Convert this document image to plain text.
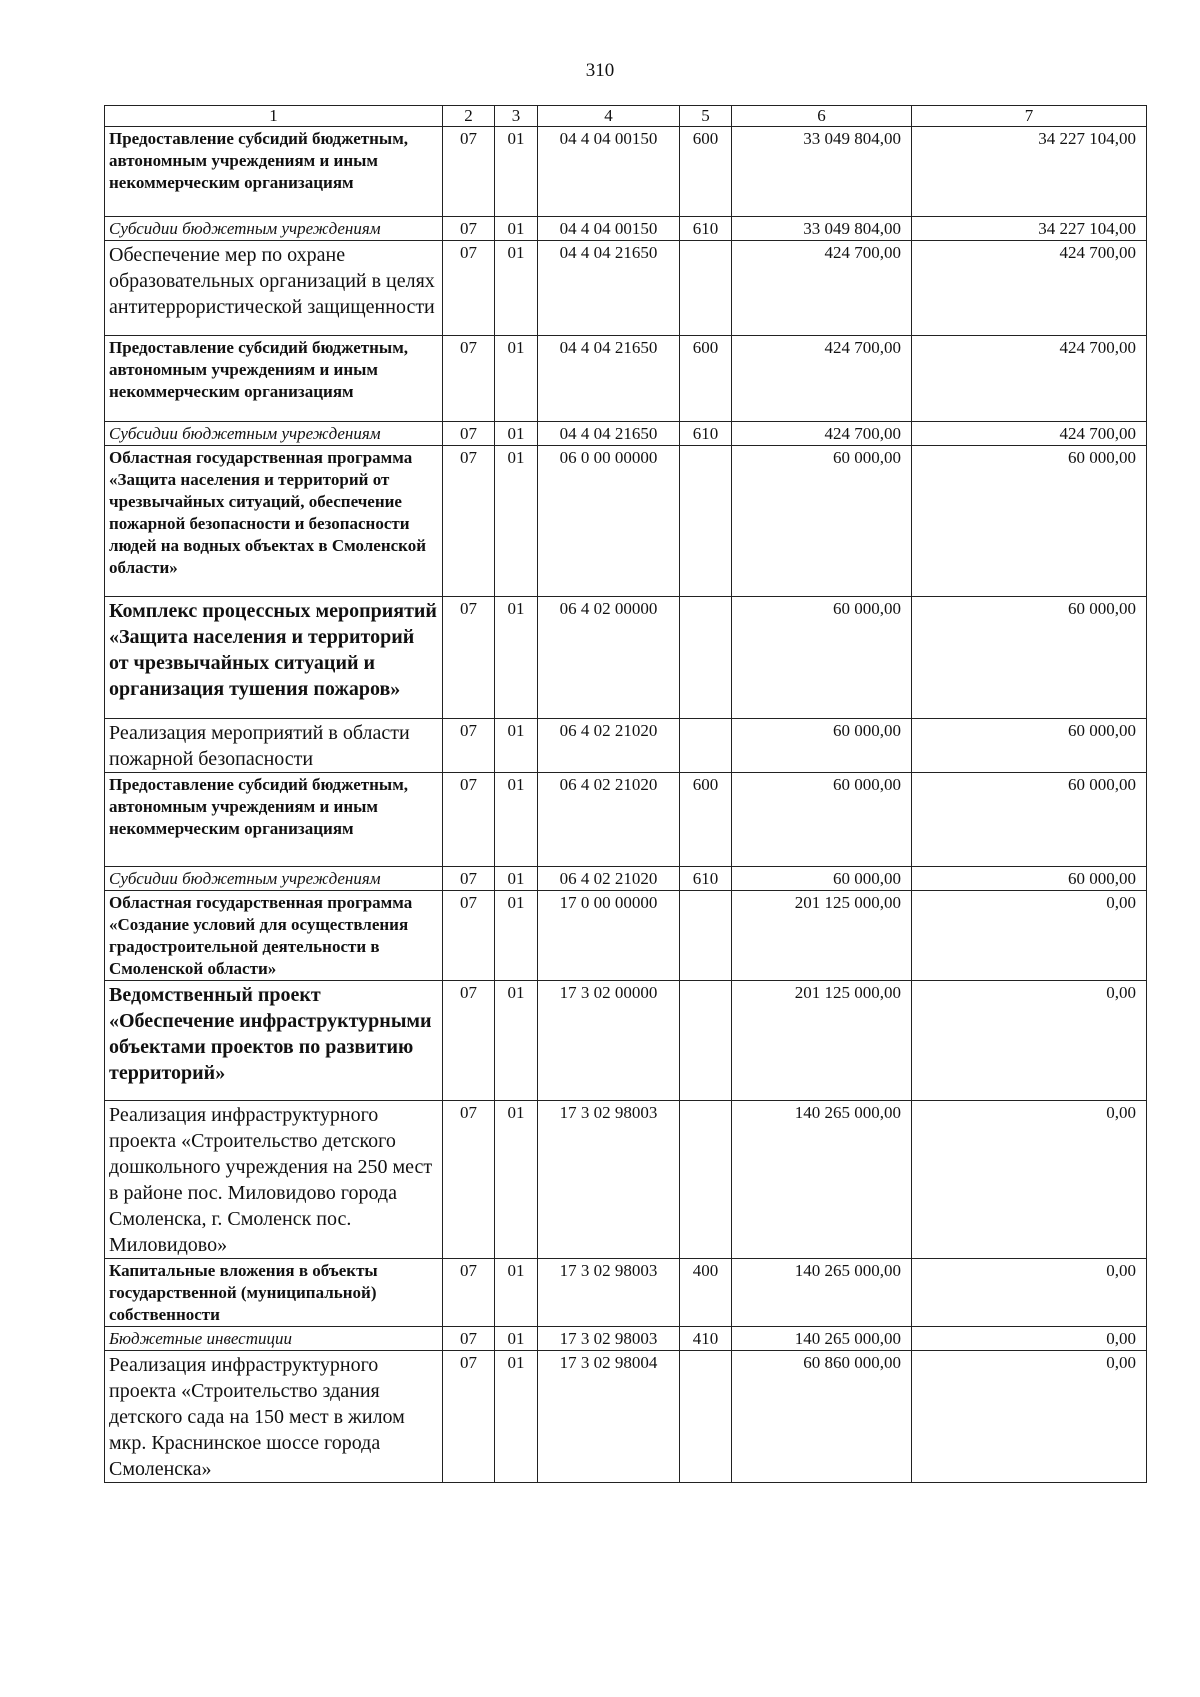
310
1	2	3	4	5	6	7
Предоставление субсидий бюджетным, автономным учреждениям и иным некоммерческим организациям	07	01	04 4 04 00150	600	33 049 804,00	34 227 104,00
Субсидии бюджетным учреждениям	07	01	04 4 04 00150	610	33 049 804,00	34 227 104,00
Обеспечение мер по охране образовательных организаций в целях антитеррористической защищенности	07	01	04 4 04 21650		424 700,00	424 700,00
Предоставление субсидий бюджетным, автономным учреждениям и иным некоммерческим организациям	07	01	04 4 04 21650	600	424 700,00	424 700,00
Субсидии бюджетным учреждениям	07	01	04 4 04 21650	610	424 700,00	424 700,00
Областная государственная программа «Защита населения и территорий от чрезвычайных ситуаций, обеспечение пожарной безопасности и безопасности людей на водных объектах в Смоленской области»	07	01	06 0 00 00000		60 000,00	60 000,00
Комплекс процессных мероприятий «Защита населения и территорий от чрезвычайных ситуаций и организация тушения пожаров»	07	01	06 4 02 00000		60 000,00	60 000,00
Реализация мероприятий в области пожарной безопасности	07	01	06 4 02 21020		60 000,00	60 000,00
Предоставление субсидий бюджетным, автономным учреждениям и иным некоммерческим организациям	07	01	06 4 02 21020	600	60 000,00	60 000,00
Субсидии бюджетным учреждениям	07	01	06 4 02 21020	610	60 000,00	60 000,00
Областная государственная программа «Создание условий для осуществления градостроительной деятельности в Смоленской области»	07	01	17 0 00 00000		201 125 000,00	0,00
Ведомственный проект «Обеспечение инфраструктурными объектами проектов по развитию территорий»	07	01	17 3 02 00000		201 125 000,00	0,00
Реализация инфраструктурного проекта «Строительство детского дошкольного учреждения на 250 мест в районе пос. Миловидово города Смоленска, г. Смоленск пос. Миловидово»	07	01	17 3 02 98003		140 265 000,00	0,00
Капитальные вложения в объекты государственной (муниципальной) собственности	07	01	17 3 02 98003	400	140 265 000,00	0,00
Бюджетные инвестиции	07	01	17 3 02 98003	410	140 265 000,00	0,00
Реализация инфраструктурного проекта «Строительство здания детского сада на 150 мест в жилом мкр. Краснинское шоссе города Смоленска»	07	01	17 3 02 98004		60 860 000,00	0,00
